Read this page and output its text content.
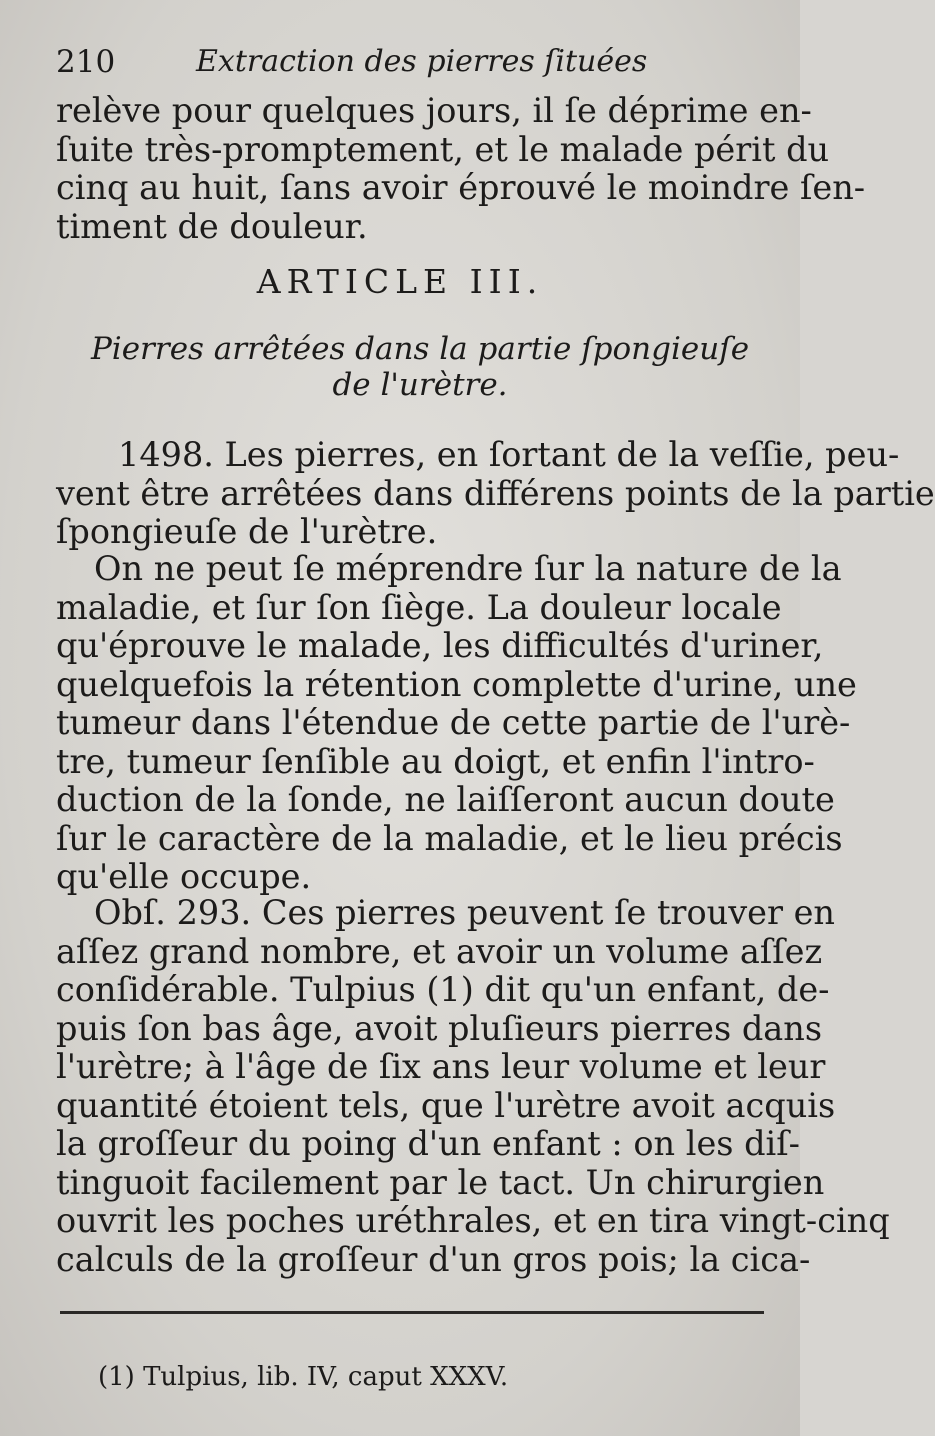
210	Extraction des pierres ſituées
relève pour quelques jours, il ſe déprime en-
ſuite très-promptement, et le malade périt du
cinq au huit, ſans avoir éprouvé le moindre ſen-
timent de douleur.
ARTICLE III.
Pierres arrêtées dans la partie ſpongieuſe
de l'urètre.
1498. Les pierres, en ſortant de la veſſie, peu-
vent être arrêtées dans différens points de la partie
ſpongieuſe de l'urètre.
On ne peut ſe méprendre ſur la nature de la
maladie, et ſur ſon ſiège. La douleur locale
qu'éprouve le malade, les difficultés d'uriner,
quelquefois la rétention complette d'urine, une
tumeur dans l'étendue de cette partie de l'urè-
tre, tumeur ſenſible au doigt, et enfin l'intro-
duction de la ſonde, ne laiſſeront aucun doute
ſur le caractère de la maladie, et le lieu précis
qu'elle occupe.
Obſ. 293. Ces pierres peuvent ſe trouver en
aſſez grand nombre, et avoir un volume aſſez
conſidérable. Tulpius (1) dit qu'un enfant, de-
puis ſon bas âge, avoit pluſieurs pierres dans
l'urètre; à l'âge de ſix ans leur volume et leur
quantité étoient tels, que l'urètre avoit acquis
la groſſeur du poing d'un enfant : on les diſ-
tinguoit facilement par le tact. Un chirurgien
ouvrit les poches uréthrales, et en tira vingt-cinq
calculs de la groſſeur d'un gros pois; la cica-
(1) Tulpius, lib. IV, caput XXXV.
